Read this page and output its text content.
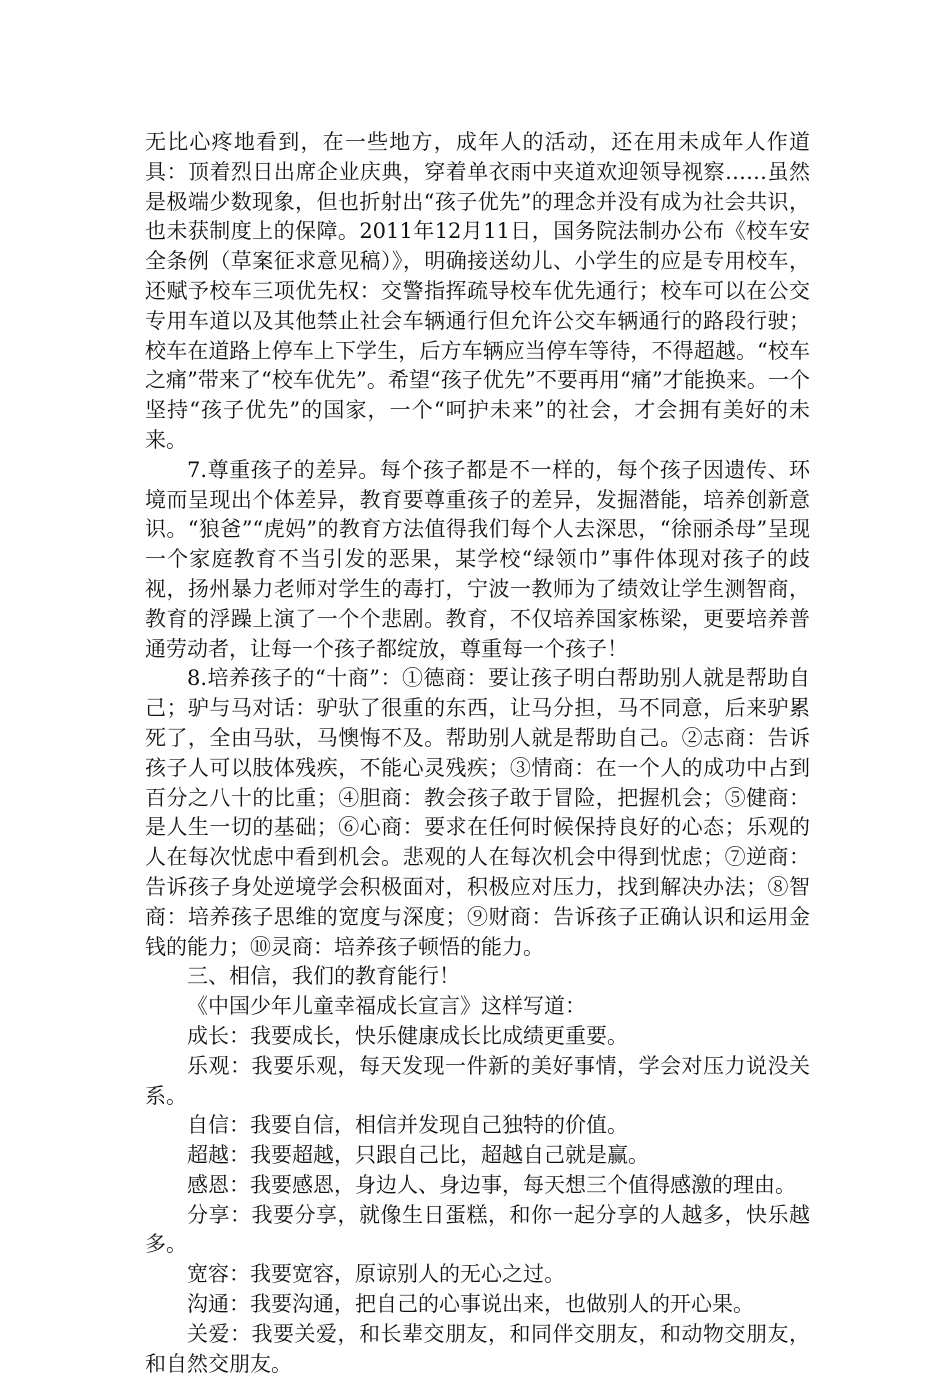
无比心疼地看到，在一些地方，成年人的活动，还在用未成年人作道具：顶着烈日出席企业庆典，穿着单衣雨中夹道欢迎领导视察……虽然是极端少数现象，但也折射出“孩子优先”的理念并没有成为社会共识，也未获制度上的保障。2011年12月11日，国务院法制办公布《校车安全条例（草案征求意见稿）》，明确接送幼儿、小学生的应是专用校车，还赋予校车三项优先权：交警指挥疏导校车优先通行；校车可以在公交专用车道以及其他禁止社会车辆通行但允许公交车辆通行的路段行驶；校车在道路上停车上下学生，后方车辆应当停车等待，不得超越。“校车之痛”带来了“校车优先”。希望“孩子优先”不要再用“痛”才能换来。一个坚持“孩子优先”的国家，一个“呵护未来”的社会，才会拥有美好的未来。

7.尊重孩子的差异。每个孩子都是不一样的，每个孩子因遗传、环境而呈现出个体差异，教育要尊重孩子的差异，发掘潜能，培养创新意识。“狼爸”“虎妈”的教育方法值得我们每个人去深思，“徐丽杀母”呈现一个家庭教育不当引发的恶果，某学校“绿领巾”事件体现对孩子的歧视，扬州暴力老师对学生的毒打，宁波一教师为了绩效让学生测智商，教育的浮躁上演了一个个悲剧。教育，不仅培养国家栋梁，更要培养普通劳动者，让每一个孩子都绽放，尊重每一个孩子！

8.培养孩子的“十商”：①德商：要让孩子明白帮助别人就是帮助自己；驴与马对话：驴驮了很重的东西，让马分担，马不同意，后来驴累死了，全由马驮，马懊悔不及。帮助别人就是帮助自己。②志商：告诉孩子人可以肢体残疾，不能心灵残疾；③情商：在一个人的成功中占到百分之八十的比重；④胆商：教会孩子敢于冒险，把握机会；⑤健商：是人生一切的基础；⑥心商：要求在任何时候保持良好的心态；乐观的人在每次忧虑中看到机会。悲观的人在每次机会中得到忧虑；⑦逆商：告诉孩子身处逆境学会积极面对，积极应对压力，找到解决办法；⑧智商：培养孩子思维的宽度与深度；⑨财商：告诉孩子正确认识和运用金钱的能力；⑩灵商：培养孩子顿悟的能力。

三、相信，我们的教育能行！

《中国少年儿童幸福成长宣言》这样写道：

成长：我要成长，快乐健康成长比成绩更重要。

乐观：我要乐观，每天发现一件新的美好事情，学会对压力说没关系。

自信：我要自信，相信并发现自己独特的价值。

超越：我要超越，只跟自己比，超越自己就是赢。

感恩：我要感恩，身边人、身边事，每天想三个值得感激的理由。

分享：我要分享，就像生日蛋糕，和你一起分享的人越多，快乐越多。

宽容：我要宽容，原谅别人的无心之过。

沟通：我要沟通，把自己的心事说出来，也做别人的开心果。

关爱：我要关爱，和长辈交朋友，和同伴交朋友，和动物交朋友，和自然交朋友。
